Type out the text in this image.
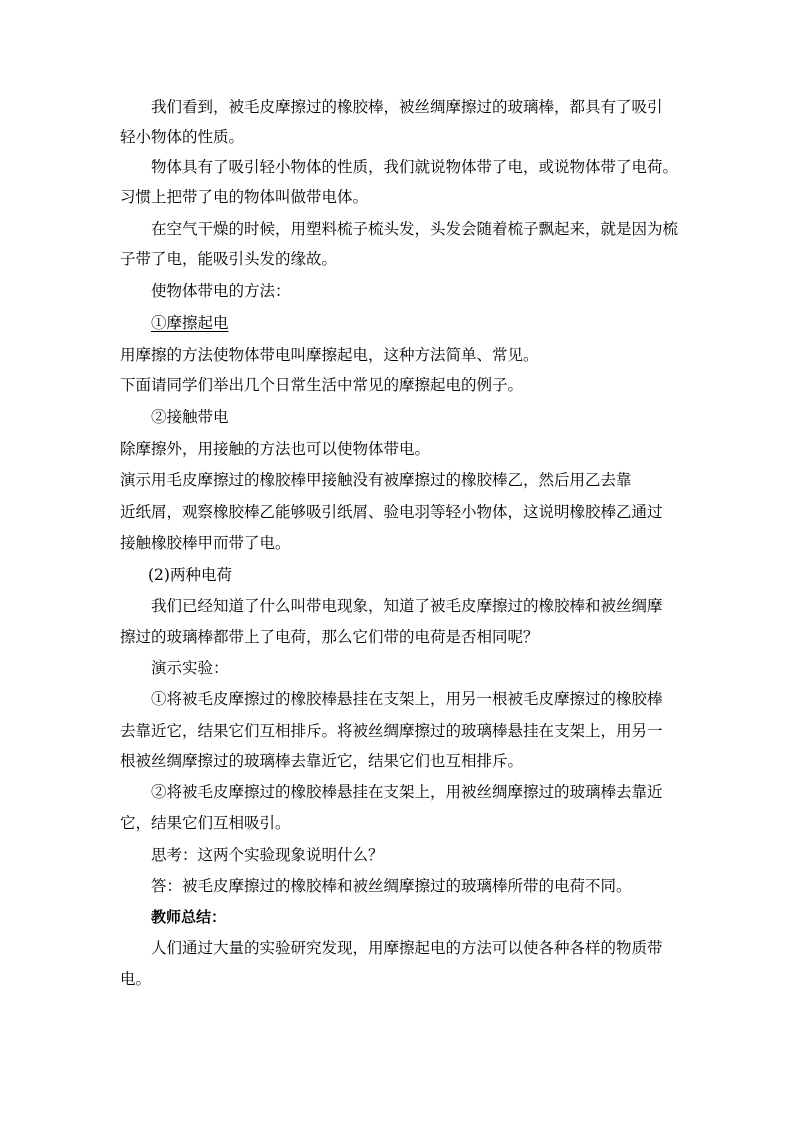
我们看到，被毛皮摩擦过的橡胶棒，被丝绸摩擦过的玻璃棒，都具有了吸引
轻小物体的性质。
物体具有了吸引轻小物体的性质，我们就说物体带了电，或说物体带了电荷。
习惯上把带了电的物体叫做带电体。
在空气干燥的时候，用塑料梳子梳头发，头发会随着梳子飘起来，就是因为梳
子带了电，能吸引头发的缘故。
使物体带电的方法：
①摩擦起电
用摩擦的方法使物体带电叫摩擦起电，这种方法简单、常见。
下面请同学们举出几个日常生活中常见的摩擦起电的例子。
②接触带电
除摩擦外，用接触的方法也可以使物体带电。
演示用毛皮摩擦过的橡胶棒甲接触没有被摩擦过的橡胶棒乙，然后用乙去靠
近纸屑，观察橡胶棒乙能够吸引纸屑、验电羽等轻小物体，这说明橡胶棒乙通过
接触橡胶棒甲而带了电。
(2)两种电荷
我们已经知道了什么叫带电现象，知道了被毛皮摩擦过的橡胶棒和被丝绸摩
擦过的玻璃棒都带上了电荷，那么它们带的电荷是否相同呢？
演示实验：
①将被毛皮摩擦过的橡胶棒悬挂在支架上，用另一根被毛皮摩擦过的橡胶棒
去靠近它，结果它们互相排斥。将被丝绸摩擦过的玻璃棒悬挂在支架上，用另一
根被丝绸摩擦过的玻璃棒去靠近它，结果它们也互相排斥。
②将被毛皮摩擦过的橡胶棒悬挂在支架上，用被丝绸摩擦过的玻璃棒去靠近
它，结果它们互相吸引。
思考：这两个实验现象说明什么？
答：被毛皮摩擦过的橡胶棒和被丝绸摩擦过的玻璃棒所带的电荷不同。
教师总结：
人们通过大量的实验研究发现，用摩擦起电的方法可以使各种各样的物质带
电。
